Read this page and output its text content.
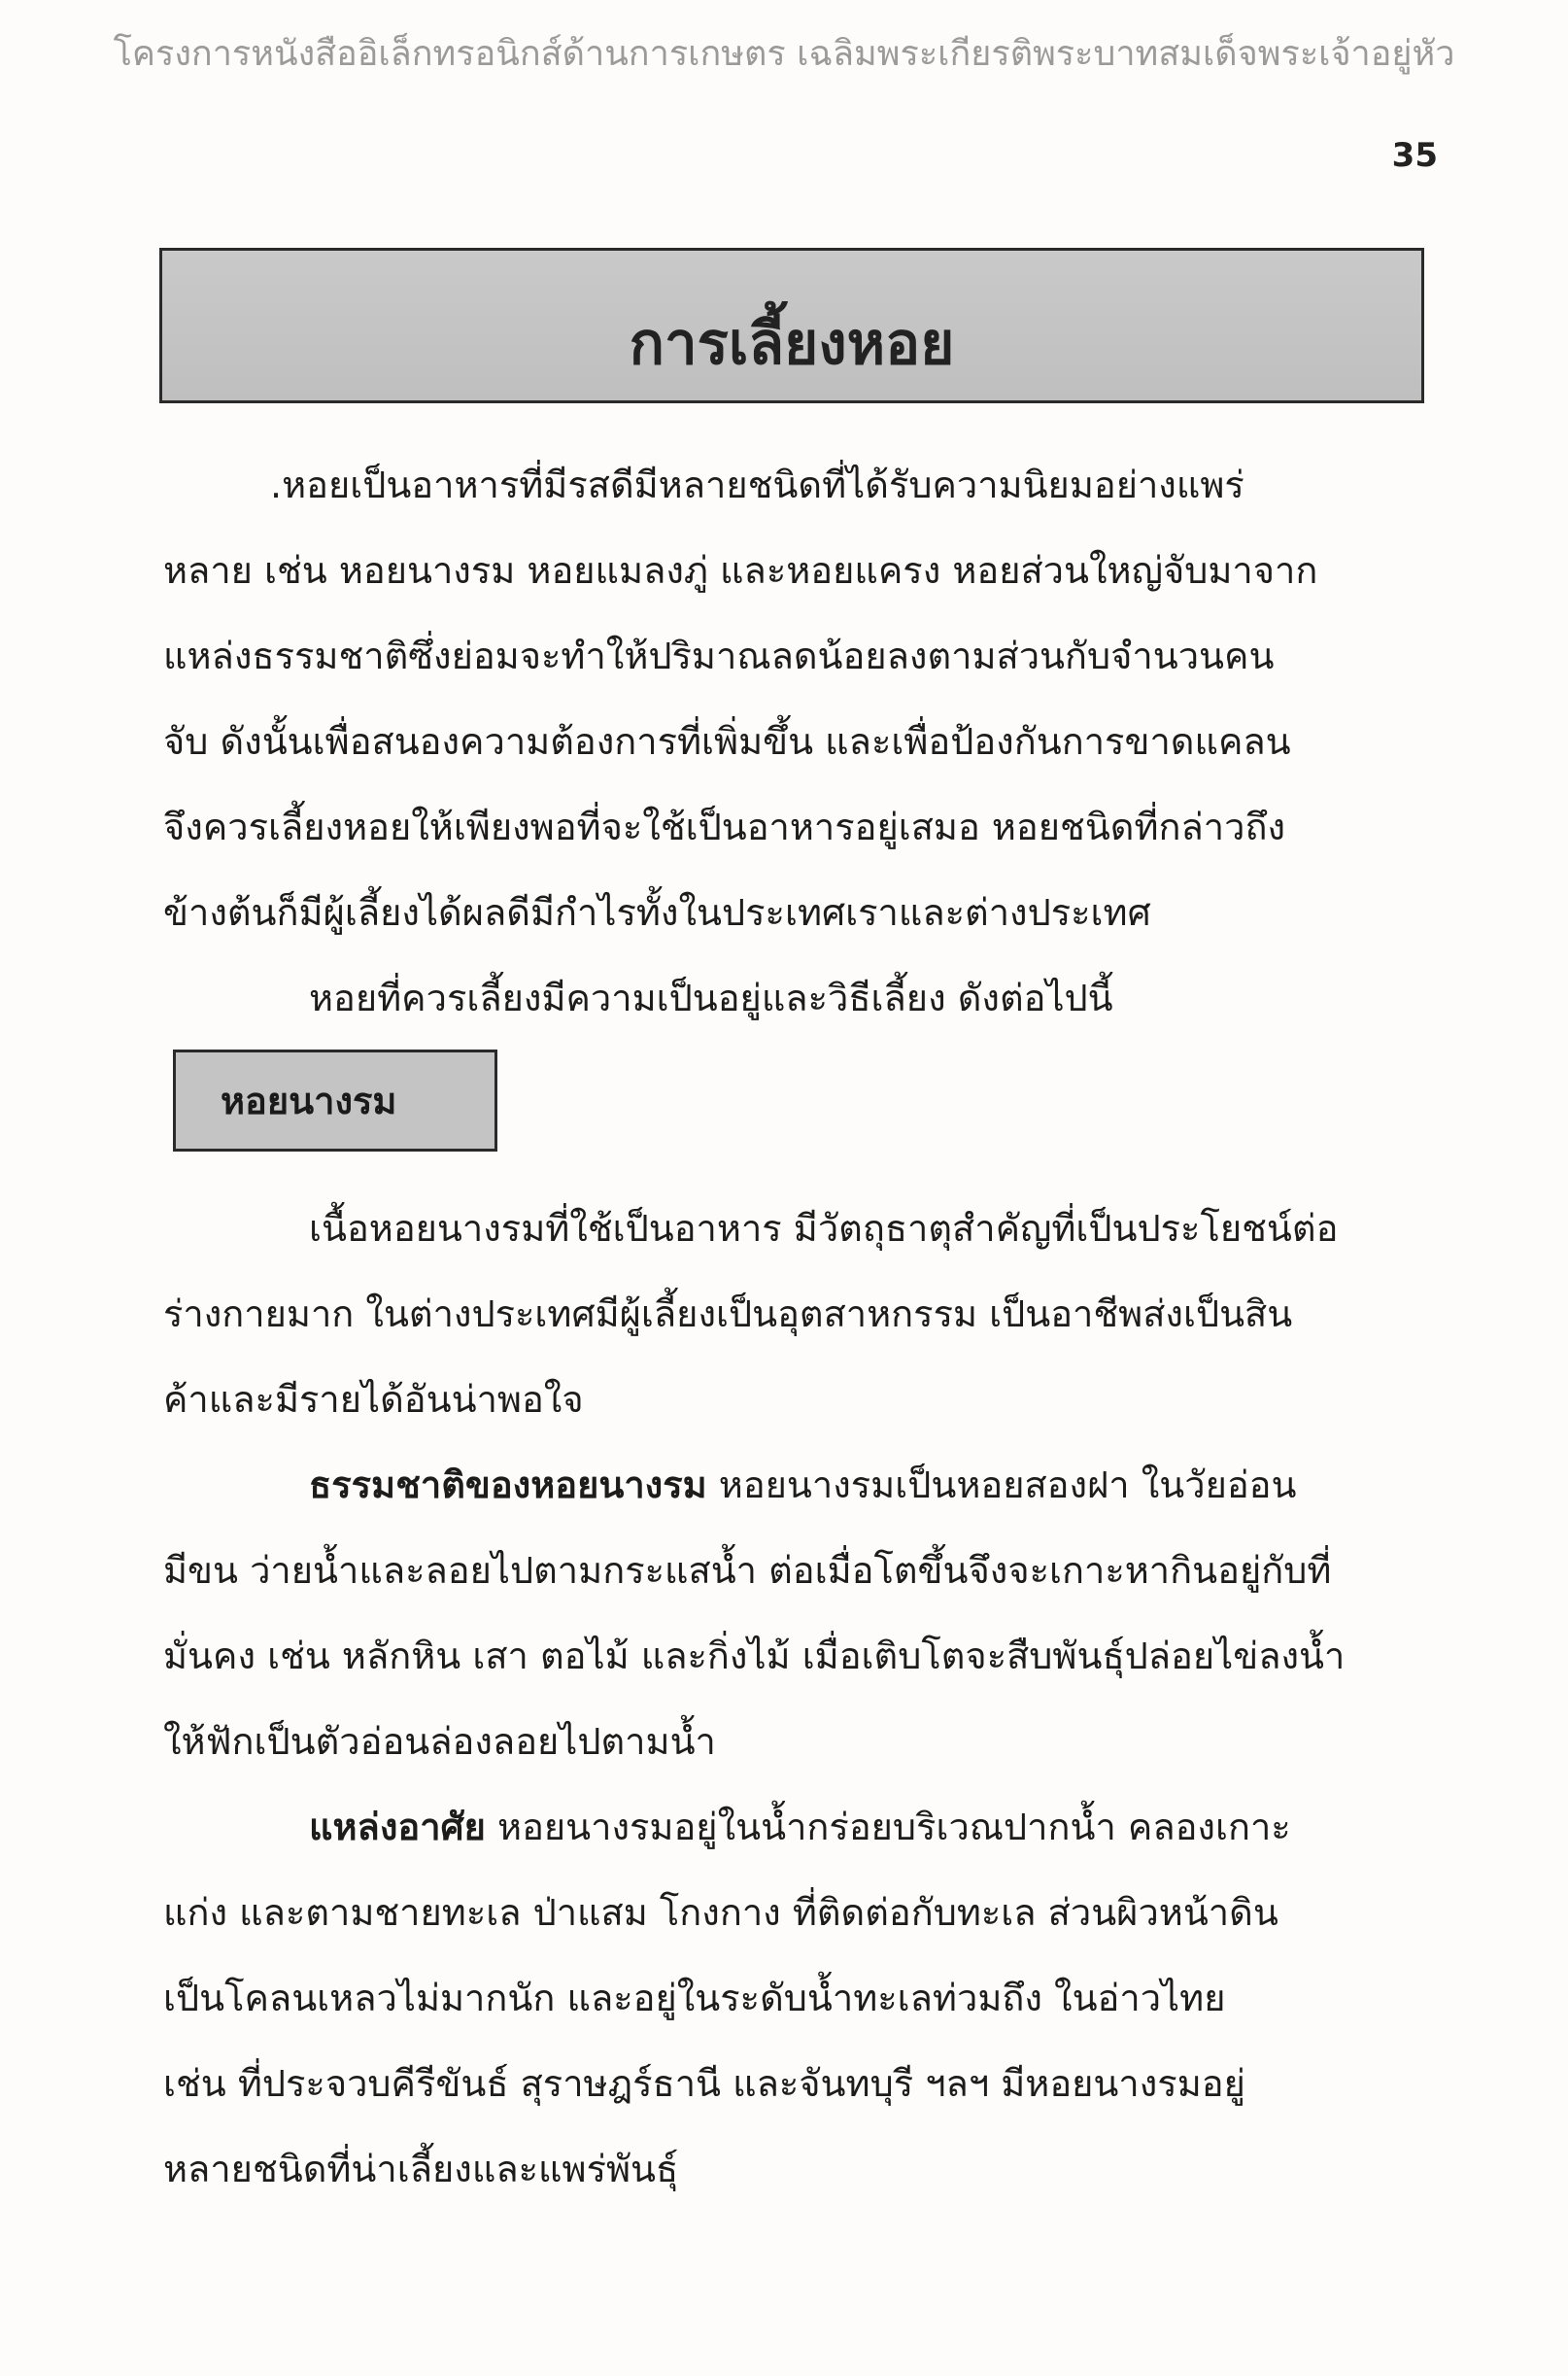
โครงการหนังสืออิเล็กทรอนิกส์ด้านการเกษตร เฉลิมพระเกียรติพระบาทสมเด็จพระเจ้าอยู่หัว
35
การเลี้ยงหอย
.หอยเป็นอาหารที่มีรสดีมีหลายชนิดที่ได้รับความนิยมอย่างแพร่
หลาย เช่น หอยนางรม หอยแมลงภู่ และหอยแครง หอยส่วนใหญ่จับมาจาก
แหล่งธรรมชาติซึ่งย่อมจะทำให้ปริมาณลดน้อยลงตามส่วนกับจำนวนคน
จับ ดังนั้นเพื่อสนองความต้องการที่เพิ่มขึ้น และเพื่อป้องกันการขาดแคลน
จึงควรเลี้ยงหอยให้เพียงพอที่จะใช้เป็นอาหารอยู่เสมอ หอยชนิดที่กล่าวถึง
ข้างต้นก็มีผู้เลี้ยงได้ผลดีมีกำไรทั้งในประเทศเราและต่างประเทศ
หอยที่ควรเลี้ยงมีความเป็นอยู่และวิธีเลี้ยง ดังต่อไปนี้
หอยนางรม
เนื้อหอยนางรมที่ใช้เป็นอาหาร มีวัตถุธาตุสำคัญที่เป็นประโยชน์ต่อ
ร่างกายมาก ในต่างประเทศมีผู้เลี้ยงเป็นอุตสาหกรรม เป็นอาชีพส่งเป็นสิน
ค้าและมีรายได้อันน่าพอใจ
ธรรมชาติของหอยนางรม หอยนางรมเป็นหอยสองฝา ในวัยอ่อน
มีขน ว่ายน้ำและลอยไปตามกระแสน้ำ ต่อเมื่อโตขึ้นจึงจะเกาะหากินอยู่กับที่
มั่นคง เช่น หลักหิน เสา ตอไม้ และกิ่งไม้ เมื่อเติบโตจะสืบพันธุ์ปล่อยไข่ลงน้ำ
ให้ฟักเป็นตัวอ่อนล่องลอยไปตามน้ำ
แหล่งอาศัย หอยนางรมอยู่ในน้ำกร่อยบริเวณปากน้ำ คลองเกาะ
แก่ง และตามชายทะเล ป่าแสม โกงกาง ที่ติดต่อกับทะเล ส่วนผิวหน้าดิน
เป็นโคลนเหลวไม่มากนัก และอยู่ในระดับน้ำทะเลท่วมถึง ในอ่าวไทย
เช่น ที่ประจวบคีรีขันธ์ สุราษฎร์ธานี และจันทบุรี ฯลฯ มีหอยนางรมอยู่
หลายชนิดที่น่าเลี้ยงและแพร่พันธุ์
